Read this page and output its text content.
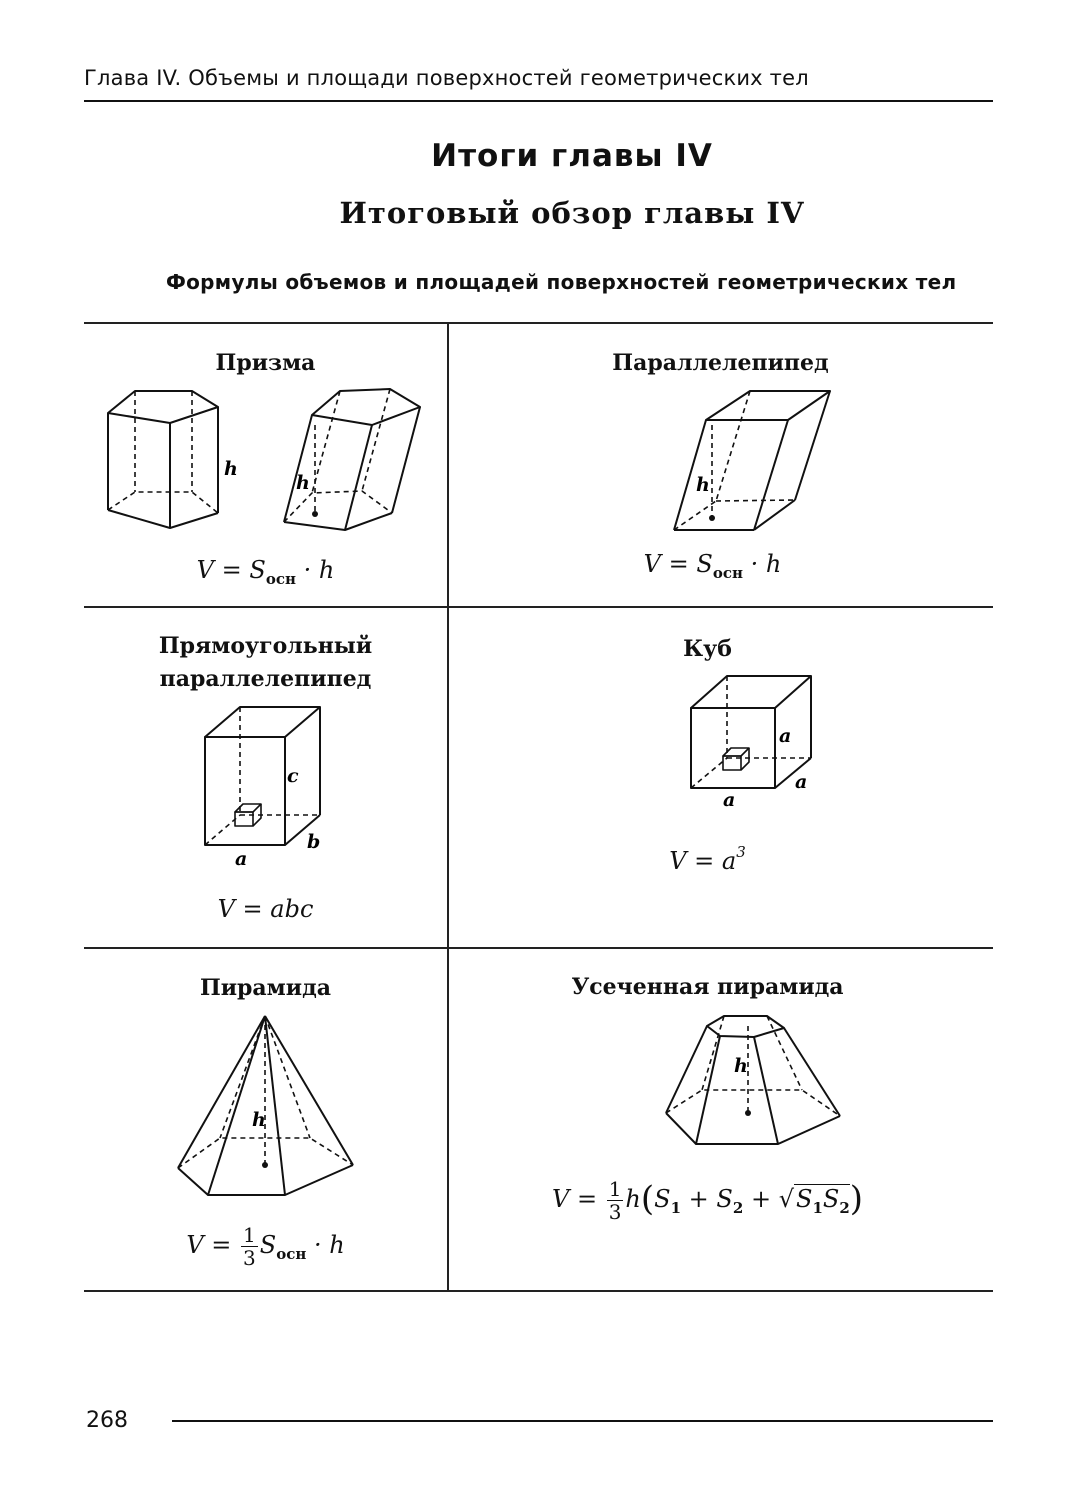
Глава IV. Объемы и площади поверхностей геометрических тел
Итоги главы IV
Итоговый обзор главы IV
Формулы объемов и площадей поверхностей геометрических тел
Призма
$V = S_{осн} \cdot h$
h
h
Параллелепипед
$V = S_{осн} \cdot h$
h
Прямоугольный
параллелепипед
V = abc
c
b
a
Куб
$V = a^3$
a
a
a
Пирамида
$V = \frac{1}{3} S_{осн} \cdot h$
h
Усеченная пирамида
$V = \frac{1}{3} h(S_1 + S_2 + √S_1S_2)$
h
268
